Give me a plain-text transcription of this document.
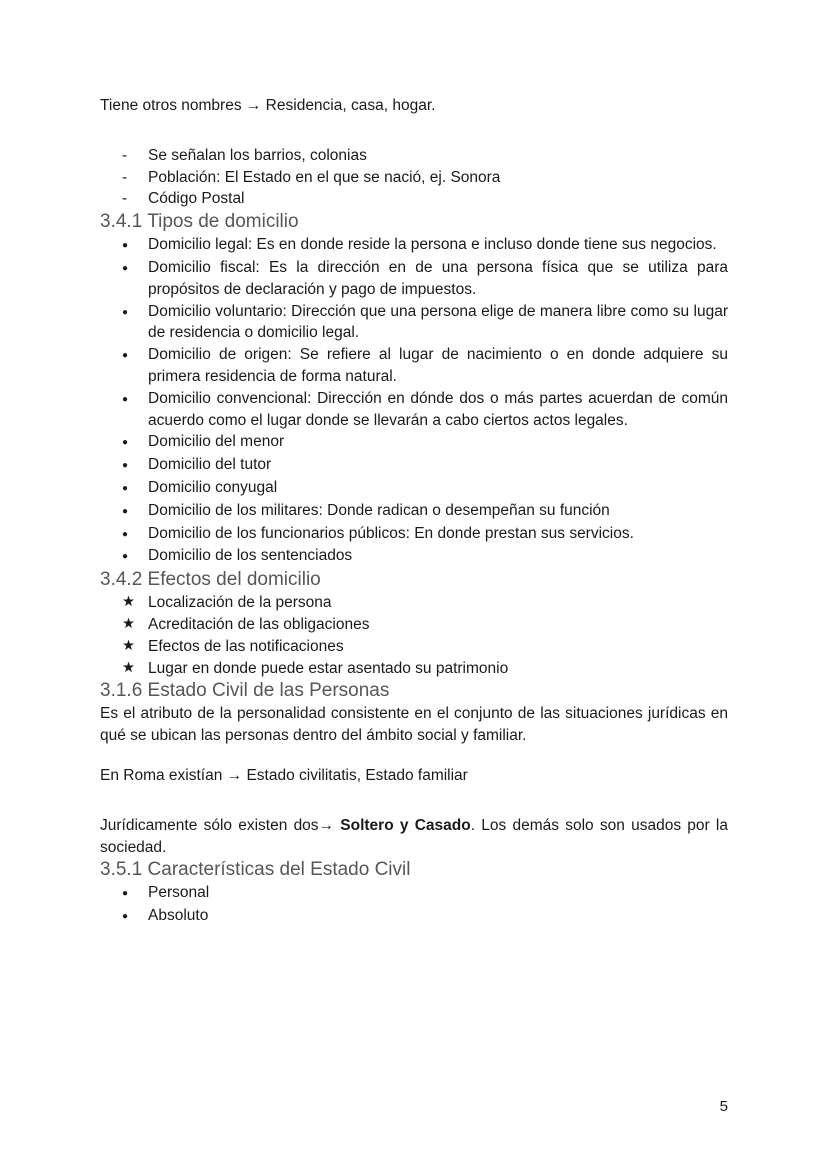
Tiene otros nombres → Residencia, casa, hogar.

-	Se señalan los barrios, colonias
-	Población: El Estado en el que se nació, ej. Sonora
-	Código Postal
3.4.1 Tipos de domicilio
●	Domicilio legal: Es en donde reside la persona e incluso donde tiene sus negocios.
●	Domicilio fiscal: Es la dirección en de una persona física que se utiliza para propósitos de declaración y pago de impuestos.
●	Domicilio voluntario: Dirección que una persona elige de manera libre como su lugar de residencia o domicilio legal.
●	Domicilio de origen: Se refiere al lugar de nacimiento o en donde adquiere su primera residencia de forma natural.
●	Domicilio convencional: Dirección en dónde dos o más partes acuerdan de común acuerdo como el lugar donde se llevarán a cabo ciertos actos legales.
●	Domicilio del menor
●	Domicilio del tutor
●	Domicilio conyugal
●	Domicilio de los militares: Donde radican o desempeñan su función
●	Domicilio de los funcionarios públicos: En donde prestan sus servicios.
●	Domicilio de los sentenciados
3.4.2 Efectos del domicilio
★ Localización de la persona
★ Acreditación de las obligaciones
★ Efectos de las notificaciones
★ Lugar en donde puede estar asentado su patrimonio
3.1.6 Estado Civil de las Personas

Es el atributo de la personalidad consistente en el conjunto de las situaciones jurídicas en qué se ubican las personas dentro del ámbito social y familiar.

En Roma existían → Estado civilitatis, Estado familiar

Jurídicamente sólo existen dos→ Soltero y Casado. Los demás solo son usados por la sociedad.

3.5.1 Características del Estado Civil
●	Personal
●	Absoluto
5
